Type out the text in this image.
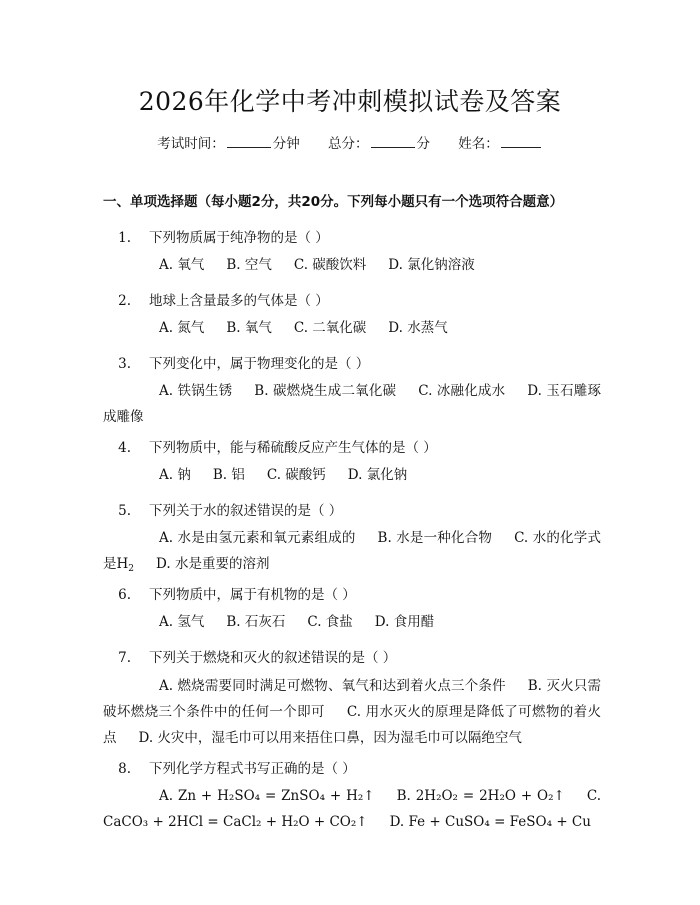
2026年化学中考冲刺模拟试卷及答案
考试时间：	分钟 总分：	分 姓名：
一、单项选择题（每小题2分，共20分。下列每小题只有一个选项符合题意）
1. 下列物质属于纯净物的是（ ）
A. 氧气 B. 空气 C. 碳酸饮料 D. 氯化钠溶液
2. 地球上含量最多的气体是（ ）
A. 氮气 B. 氧气 C. 二氧化碳 D. 水蒸气
3. 下列变化中，属于物理变化的是（ ）
A. 铁锅生锈 B. 碳燃烧生成二氧化碳 C. 冰融化成水 D. 玉石雕琢成雕像
4. 下列物质中，能与稀硫酸反应产生气体的是（ ）
A. 钠 B. 铝 C. 碳酸钙 D. 氯化钠
5. 下列关于水的叙述错误的是（ ）
A. 水是由氢元素和氧元素组成的 B. 水是一种化合物 C. 水的化学式是$H_2$ D. 水是重要的溶剂
6. 下列物质中，属于有机物的是（ ）
A. 氢气 B. 石灰石 C. 食盐 D. 食用醋
7. 下列关于燃烧和灭火的叙述错误的是（ ）
A. 燃烧需要同时满足可燃物、氧气和达到着火点三个条件 B. 灭火只需破坏燃烧三个条件中的任何一个即可 C. 用水灭火的原理是降低了可燃物的着火点 D. 火灾中，湿毛巾可以用来捂住口鼻，因为湿毛巾可以隔绝空气
8. 下列化学方程式书写正确的是（ ）
A. Zn + H₂SO₄ = ZnSO₄ + H₂↑ B. 2H₂O₂ = 2H₂O + O₂↑ C. CaCO₃ + 2HCl = CaCl₂ + H₂O + CO₂↑ D. Fe + CuSO₄ = FeSO₄ + Cu
